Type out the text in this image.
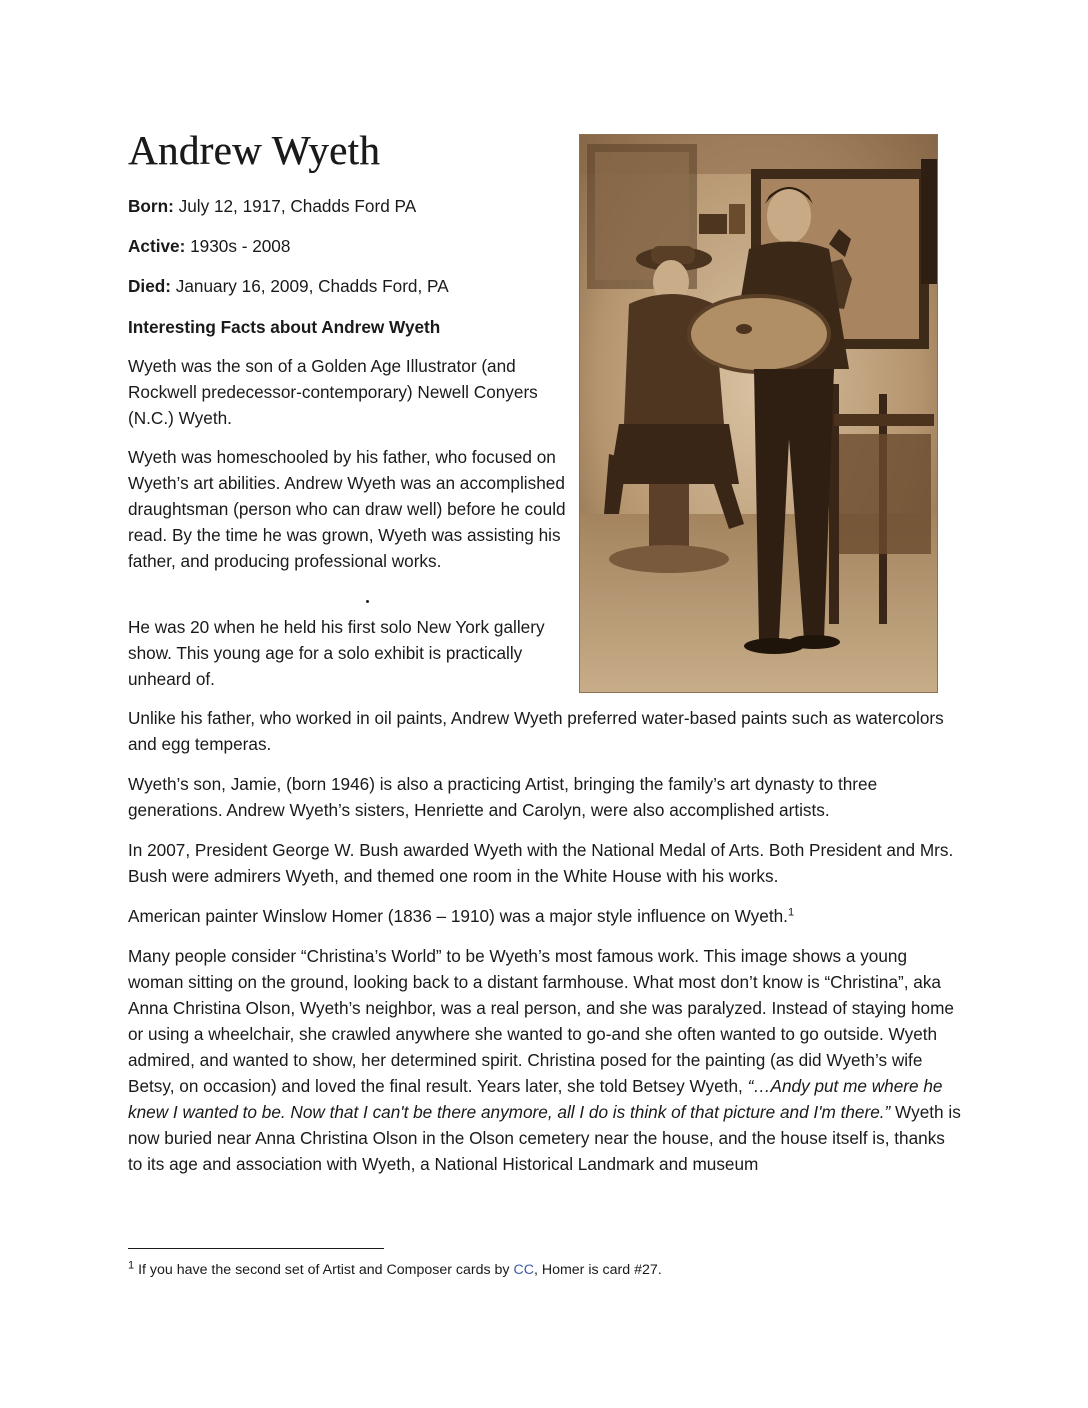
Andrew Wyeth

Born: July 12, 1917, Chadds Ford PA

Active: 1930s - 2008

Died: January 16, 2009, Chadds Ford, PA

Interesting Facts about Andrew Wyeth

Wyeth was the son of a Golden Age Illustrator (and Rockwell predecessor-contemporary) Newell Conyers (N.C.) Wyeth.

Wyeth was homeschooled by his father, who focused on Wyeth’s art abilities. Andrew Wyeth was an accomplished draughtsman (person who can draw well) before he could read. By the time he was grown, Wyeth was assisting his father, and producing professional works.

He was 20 when he held his first solo New York gallery show. This young age for a solo exhibit is practically unheard of.

Unlike his father, who worked in oil paints, Andrew Wyeth preferred water-based paints such as watercolors and egg temperas.

Wyeth’s son, Jamie, (born 1946) is also a practicing Artist, bringing the family’s art dynasty to three generations. Andrew Wyeth’s sisters, Henriette and Carolyn, were also accomplished artists.

In 2007, President George W. Bush awarded Wyeth with the National Medal of Arts. Both President and Mrs. Bush were admirers Wyeth, and themed one room in the White House with his works.

American painter Winslow Homer (1836 – 1910) was a major style influence on Wyeth.$^1$

Many people consider “Christina’s World” to be Wyeth’s most famous work. This image shows a young woman sitting on the ground, looking back to a distant farmhouse. What most don’t know is “Christina”, aka Anna Christina Olson, Wyeth’s neighbor, was a real person, and she was paralyzed. Instead of staying home or using a wheelchair, she crawled anywhere she wanted to go-and she often wanted to go outside. Wyeth admired, and wanted to show, her determined spirit. Christina posed for the painting (as did Wyeth’s wife Betsy, on occasion) and loved the final result. Years later, she told Betsey Wyeth, “…Andy put me where he knew I wanted to be. Now that I can't be there anymore, all I do is think of that picture and I'm there.” Wyeth is now buried near Anna Christina Olson in the Olson cemetery near the house, and the house itself is, thanks to its age and association with Wyeth, a National Historical Landmark and museum

$^1$ If you have the second set of Artist and Composer cards by CC, Homer is card #27.
